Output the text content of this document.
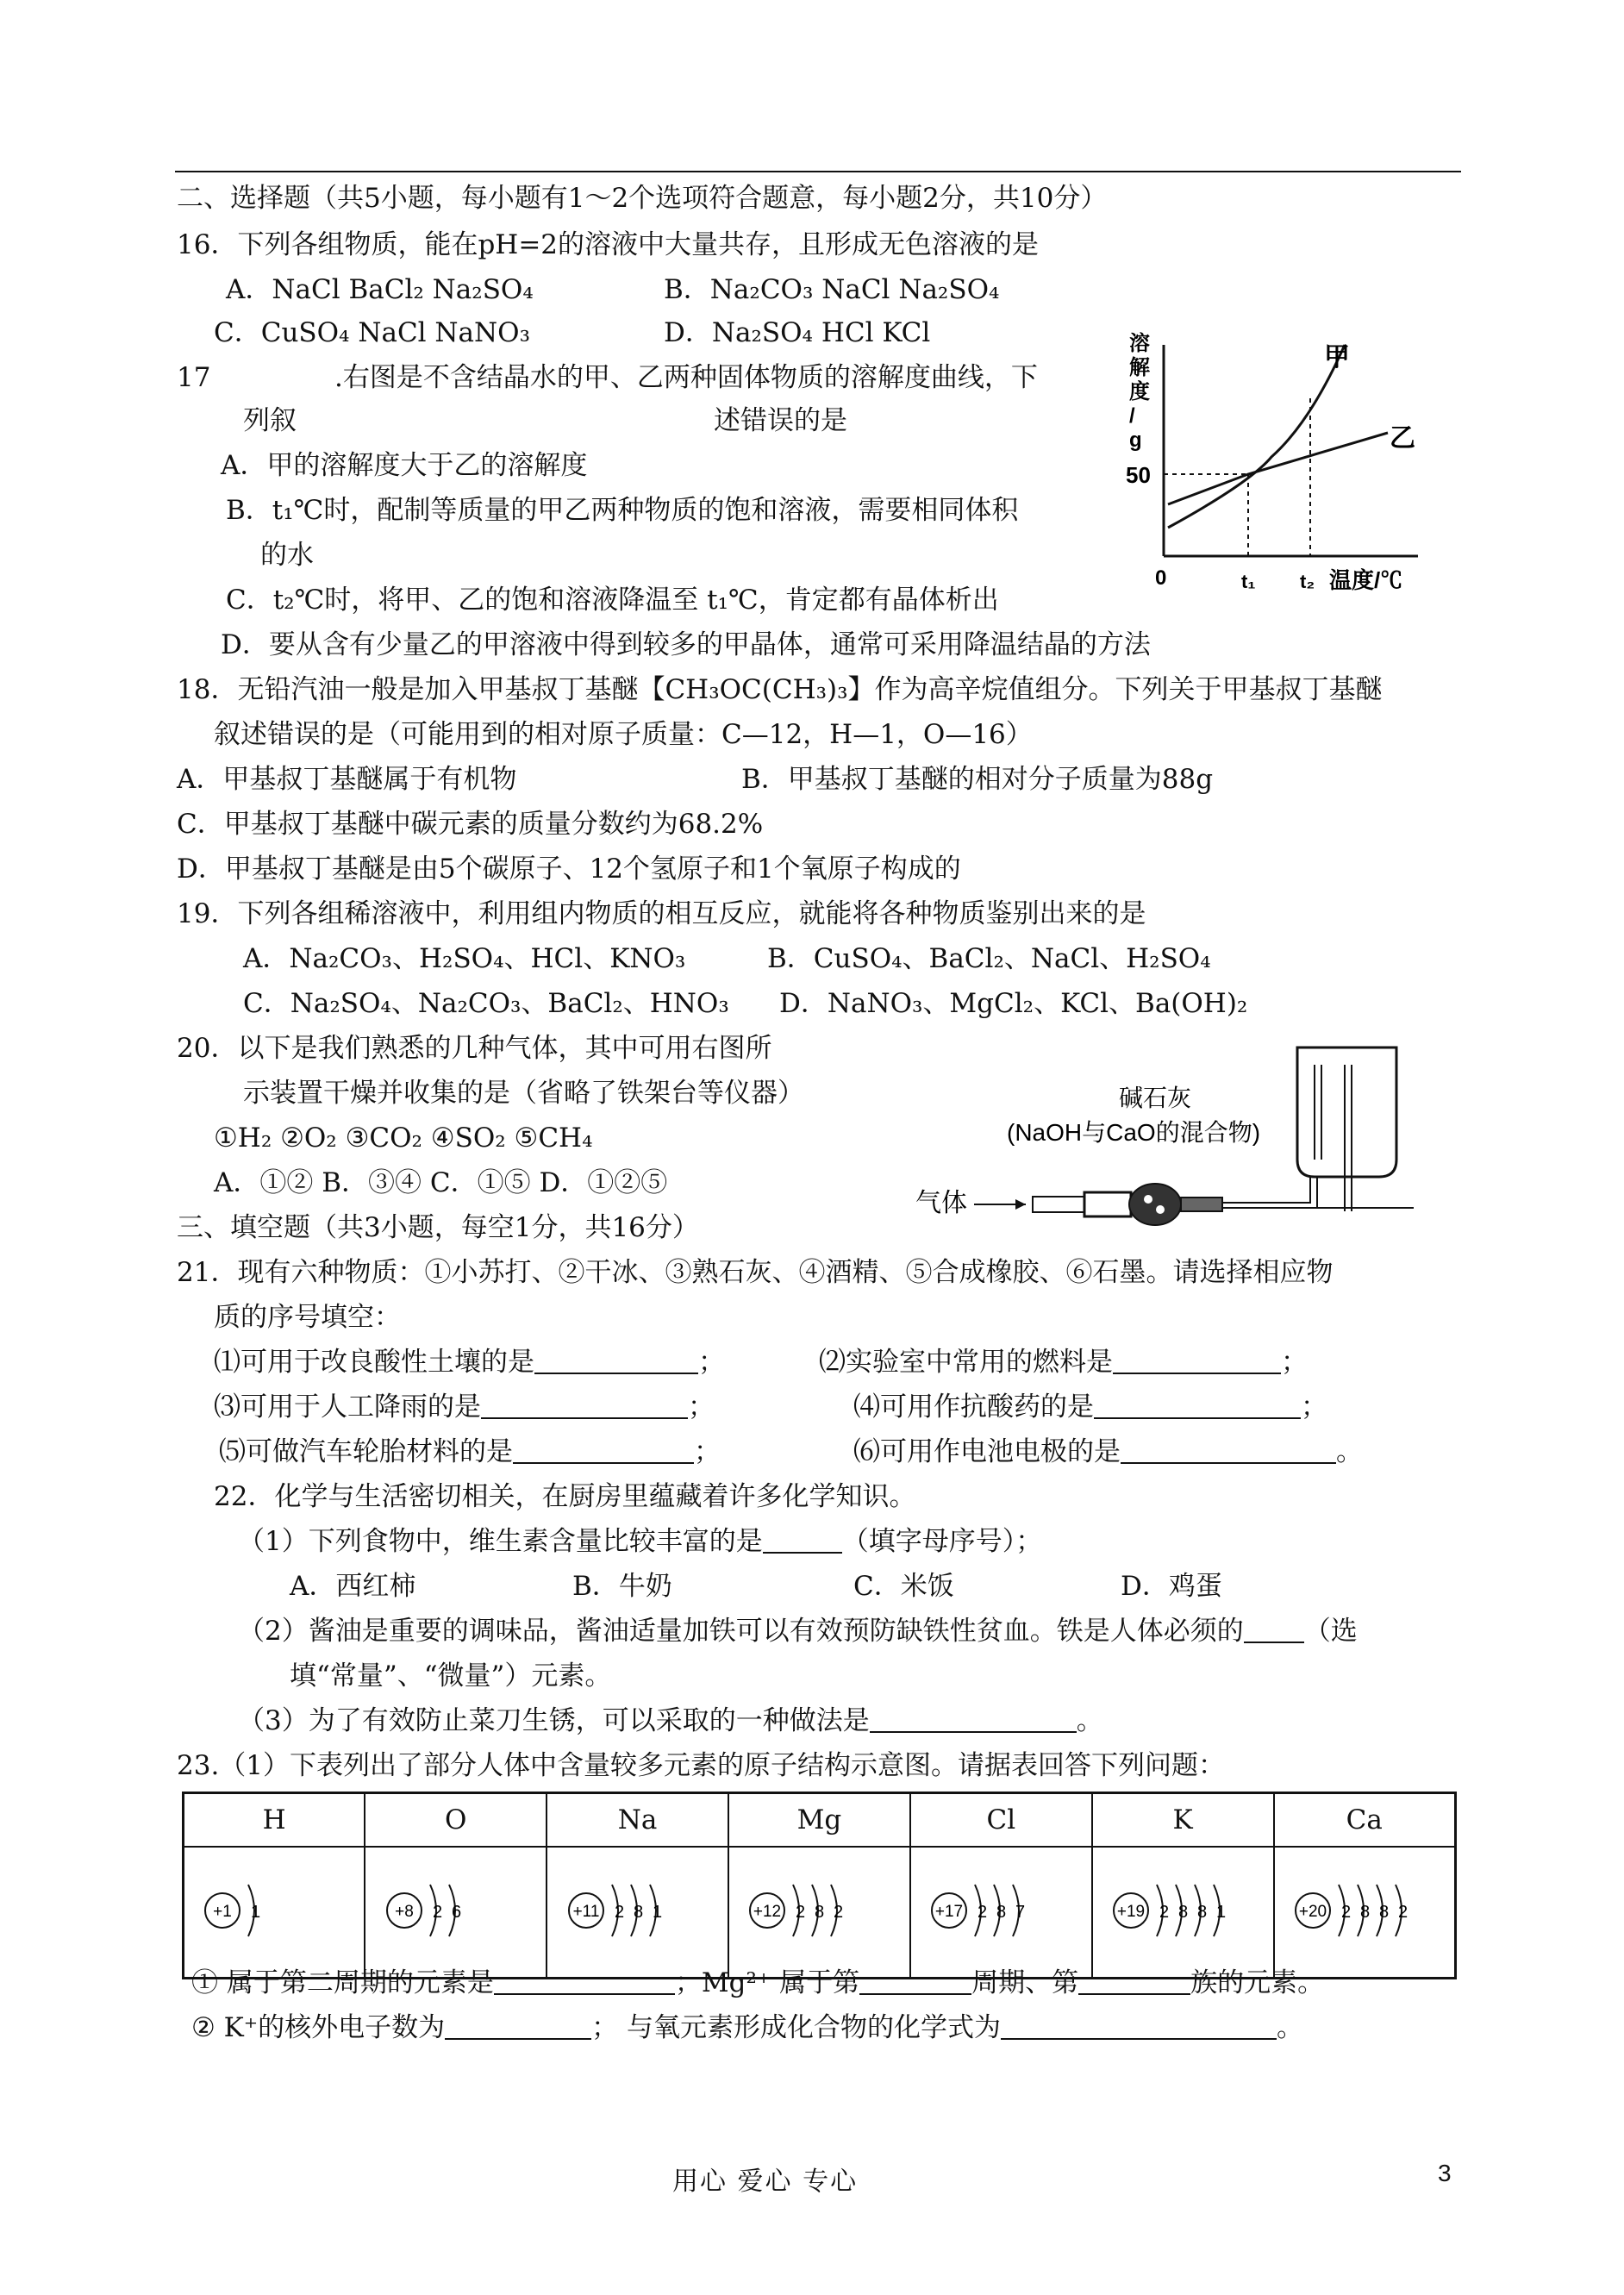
二、选择题（共5小题，每小题有1～2个选项符合题意，每小题2分，共10分）
16．下列各组物质，能在pH=2的溶液中大量共存，且形成无色溶液的是
A．NaCl BaCl₂ Na₂SO₄	B．Na₂CO₃ NaCl Na₂SO₄
C．CuSO₄ NaCl NaNO₃	D．Na₂SO₄ HCl KCl
17	.右图是不含结晶水的甲、乙两种固体物质的溶解度曲线，下
列叙	述错误的是
A．甲的溶解度大于乙的溶解度
B．t₁℃时，配制等质量的甲乙两种物质的饱和溶液，需要相同体积
的水
C．t₂℃时，将甲、乙的饱和溶液降温至 t₁℃，肯定都有晶体析出
D．要从含有少量乙的甲溶液中得到较多的甲晶体，通常可采用降温结晶的方法
甲
乙
50
0	t₁ t₂ 温度/℃
溶
解
度
/
g
18．无铅汽油一般是加入甲基叔丁基醚【CH₃OC(CH₃)₃】作为高辛烷值组分。下列关于甲基叔丁基醚
叙述错误的是（可能用到的相对原子质量：C—12，H—1，O—16）
A．甲基叔丁基醚属于有机物	B．甲基叔丁基醚的相对分子质量为88g
C．甲基叔丁基醚中碳元素的质量分数约为68.2%
D．甲基叔丁基醚是由5个碳原子、12个氢原子和1个氧原子构成的
19．下列各组稀溶液中，利用组内物质的相互反应，就能将各种物质鉴别出来的是
A．Na₂CO₃、H₂SO₄、HCl、KNO₃	B．CuSO₄、BaCl₂、NaCl、H₂SO₄
C．Na₂SO₄、Na₂CO₃、BaCl₂、HNO₃ D．NaNO₃、MgCl₂、KCl、Ba(OH)₂
20．以下是我们熟悉的几种气体，其中可用右图所
示装置干燥并收集的是（省略了铁架台等仪器）
①H₂ ②O₂ ③CO₂ ④SO₂ ⑤CH₄
A．①② B．③④ C．①⑤ D．①②⑤
碱石灰
(NaOH与CaO的混合物)
气体
三、填空题（共3小题，每空1分，共16分）
21．现有六种物质：①小苏打、②干冰、③熟石灰、④酒精、⑤合成橡胶、⑥石墨。请选择相应物
质的序号填空：
⑴可用于改良酸性土壤的是	；	⑵实验室中常用的燃料是	；
⑶可用于人工降雨的是	；	⑷可用作抗酸药的是	；
⑸可做汽车轮胎材料的是	；	⑹可用作电池电极的是	。
22．化学与生活密切相关，在厨房里蕴藏着许多化学知识。
（1）下列食物中，维生素含量比较丰富的是	（填字母序号）；
A．西红柿	B．牛奶	C．米饭	D．鸡蛋
（2）酱油是重要的调味品，酱油适量加铁可以有效预防缺铁性贫血。铁是人体必须的 （选
填“常量”、“微量”）元素。
（3）为了有效防止菜刀生锈，可以采取的一种做法是	。
23.（1）下表列出了部分人体中含量较多元素的原子结构示意图。请据表回答下列问题：
H	O	Na	Mg	Cl	K	Ca

+1 1	+8 2 6	+11 2 8 1	+12 2 8 2	+17 2 8 7	+19 2 8 8 1	+20 2 8 8 2
① 属于第二周期的元素是	；Mg²⁺ 属于第	周期、第	族的元素。
② K⁺的核外电子数为	； 与氧元素形成化合物的化学式为	。
用心 爱心 专心	3
